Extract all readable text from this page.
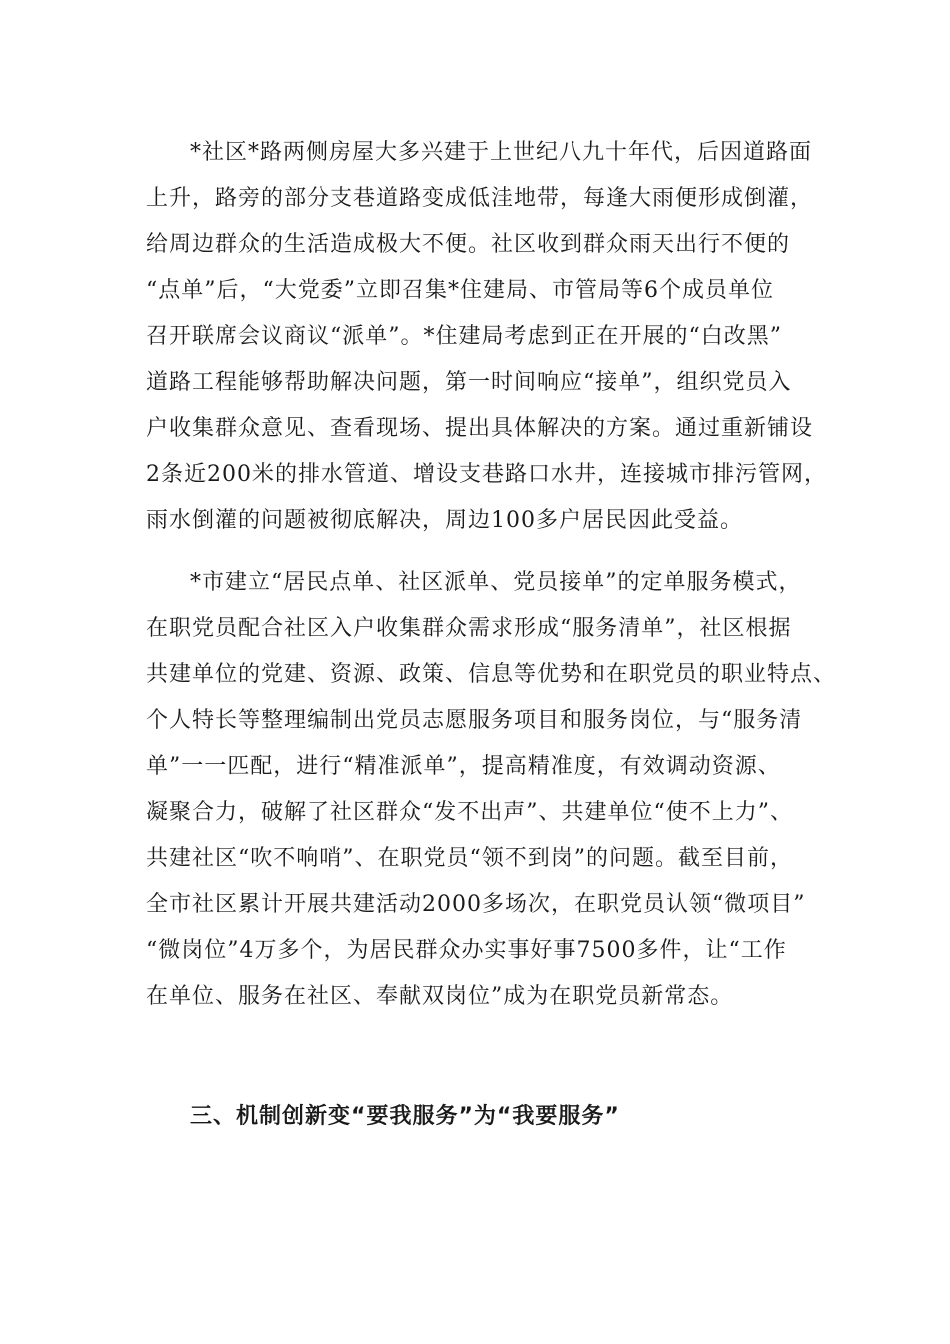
*社区*路两侧房屋大多兴建于上世纪八九十年代，后因道路面
上升，路旁的部分支巷道路变成低洼地带，每逢大雨便形成倒灌，
给周边群众的生活造成极大不便。社区收到群众雨天出行不便的
“点单”后，“大党委”立即召集*住建局、市管局等6个成员单位
召开联席会议商议“派单”。*住建局考虑到正在开展的“白改黑”
道路工程能够帮助解决问题，第一时间响应“接单”，组织党员入
户收集群众意见、查看现场、提出具体解决的方案。通过重新铺设
2条近200米的排水管道、增设支巷路口水井，连接城市排污管网，
雨水倒灌的问题被彻底解决，周边100多户居民因此受益。
*市建立“居民点单、社区派单、党员接单”的定单服务模式，
在职党员配合社区入户收集群众需求形成“服务清单”，社区根据
共建单位的党建、资源、政策、信息等优势和在职党员的职业特点、
个人特长等整理编制出党员志愿服务项目和服务岗位，与“服务清
单”一一匹配，进行“精准派单”，提高精准度，有效调动资源、
凝聚合力，破解了社区群众“发不出声”、共建单位“使不上力”、
共建社区“吹不响哨”、在职党员“领不到岗”的问题。截至目前，
全市社区累计开展共建活动2000多场次，在职党员认领“微项目”
“微岗位”4万多个，为居民群众办实事好事7500多件，让“工作
在单位、服务在社区、奉献双岗位”成为在职党员新常态。
三、机制创新变“要我服务”为“我要服务”
